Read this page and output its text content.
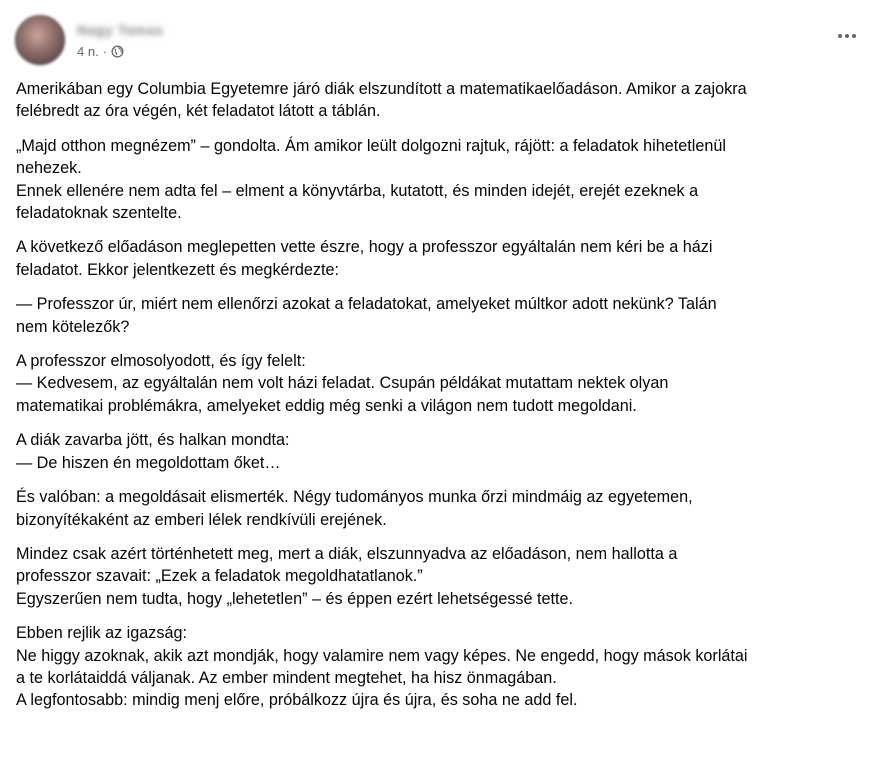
Nagy Tamas
4 n. ·
Amerikában egy Columbia Egyetemre járó diák elszundított a matematikaelőadáson. Amikor a zajokra
felébredt az óra végén, két feladatot látott a táblán.
„Majd otthon megnézem” – gondolta. Ám amikor leült dolgozni rajtuk, rájött: a feladatok hihetetlenül
nehezek.
Ennek ellenére nem adta fel – elment a könyvtárba, kutatott, és minden idejét, erejét ezeknek a
feladatoknak szentelte.
A következő előadáson meglepetten vette észre, hogy a professzor egyáltalán nem kéri be a házi
feladatot. Ekkor jelentkezett és megkérdezte:
— Professzor úr, miért nem ellenőrzi azokat a feladatokat, amelyeket múltkor adott nekünk? Talán
nem kötelezők?
A professzor elmosolyodott, és így felelt:
— Kedvesem, az egyáltalán nem volt házi feladat. Csupán példákat mutattam nektek olyan
matematikai problémákra, amelyeket eddig még senki a világon nem tudott megoldani.
A diák zavarba jött, és halkan mondta:
— De hiszen én megoldottam őket…
És valóban: a megoldásait elismerték. Négy tudományos munka őrzi mindmáig az egyetemen,
bizonyítékaként az emberi lélek rendkívüli erejének.
Mindez csak azért történhetett meg, mert a diák, elszunnyadva az előadáson, nem hallotta a
professzor szavait: „Ezek a feladatok megoldhatatlanok.”
Egyszerűen nem tudta, hogy „lehetetlen” – és éppen ezért lehetségessé tette.
Ebben rejlik az igazság:
Ne higgy azoknak, akik azt mondják, hogy valamire nem vagy képes. Ne engedd, hogy mások korlátai
a te korlátaiddá váljanak. Az ember mindent megtehet, ha hisz önmagában.
A legfontosabb: mindig menj előre, próbálkozz újra és újra, és soha ne add fel.
